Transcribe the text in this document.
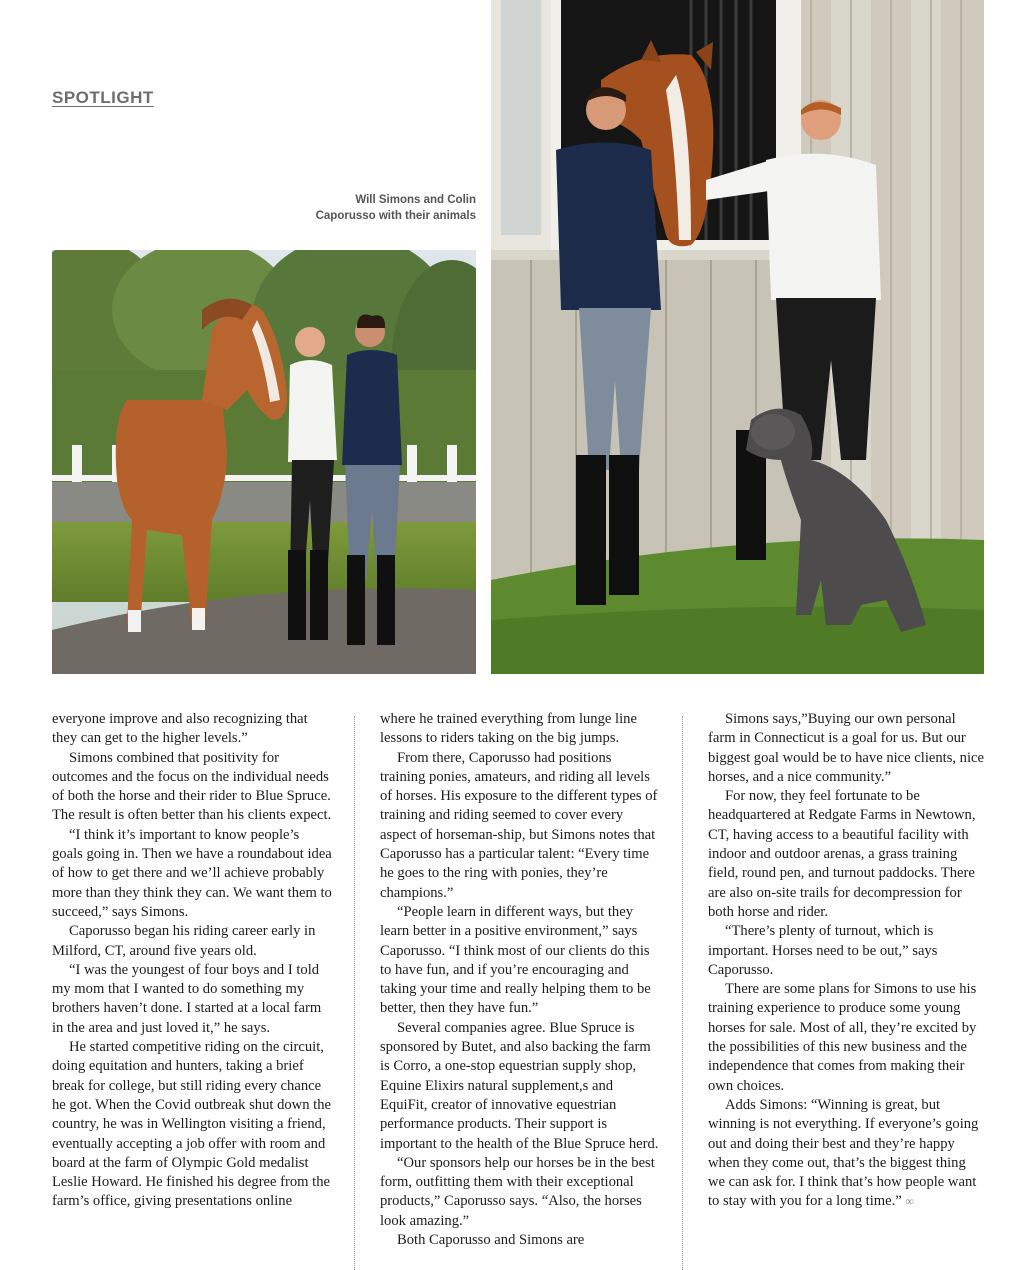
SPOTLIGHT
Will Simons and Colin
Caporusso with their animals

everyone improve and also recognizing that they can get to the higher levels.”

Simons combined that positivity for outcomes and the focus on the individual needs of both the horse and their rider to Blue Spruce. The result is often better than his clients expect.

“I think it’s important to know people’s goals going in. Then we have a roundabout idea of how to get there and we’ll achieve probably more than they think they can. We want them to succeed,” says Simons.

Caporusso began his riding career early in Milford, CT, around five years old.

“I was the youngest of four boys and I told my mom that I wanted to do something my brothers haven’t done. I started at a local farm in the area and just loved it,” he says.

He started competitive riding on the circuit, doing equitation and hunters, taking a brief break for college, but still riding every chance he got. When the Covid outbreak shut down the country, he was in Wellington visiting a friend, eventually accepting a job offer with room and board at the farm of Olympic Gold medalist Leslie Howard. He finished his degree from the farm’s office, giving presentations online

where he trained everything from lunge line lessons to riders taking on the big jumps.

From there, Caporusso had positions training ponies, amateurs, and riding all levels of horses. His exposure to the different types of training and riding seemed to cover every aspect of horseman-ship, but Simons notes that Caporusso has a particular talent: “Every time he goes to the ring with ponies, they’re champions.”

“People learn in different ways, but they learn better in a positive environment,” says Caporusso. “I think most of our clients do this to have fun, and if you’re encouraging and taking your time and really helping them to be better, then they have fun.”

Several companies agree. Blue Spruce is sponsored by Butet, and also backing the farm is Corro, a one-stop equestrian supply shop, Equine Elixirs natural supplement,s and EquiFit, creator of innovative equestrian performance products. Their support is important to the health of the Blue Spruce herd.

“Our sponsors help our horses be in the best form, outfitting them with their exceptional products,” Caporusso says. “Also, the horses look amazing.”

Both Caporusso and Simons are

Simons says,”Buying our own personal farm in Connecticut is a goal for us. But our biggest goal would be to have nice clients, nice horses, and a nice community.”

For now, they feel fortunate to be headquartered at Redgate Farms in Newtown, CT, having access to a beautiful facility with indoor and outdoor arenas, a grass training field, round pen, and turnout paddocks. There are also on-site trails for decompression for both horse and rider.

“There’s plenty of turnout, which is important. Horses need to be out,” says Caporusso.

There are some plans for Simons to use his training experience to produce some young horses for sale. Most of all, they’re excited by the possibilities of this new business and the independence that comes from making their own choices.

Adds Simons: “Winning is great, but winning is not everything. If everyone’s going out and doing their best and they’re happy when they come out, that’s the biggest thing we can ask for. I think that’s how people want to stay with you for a long time.” ∞
